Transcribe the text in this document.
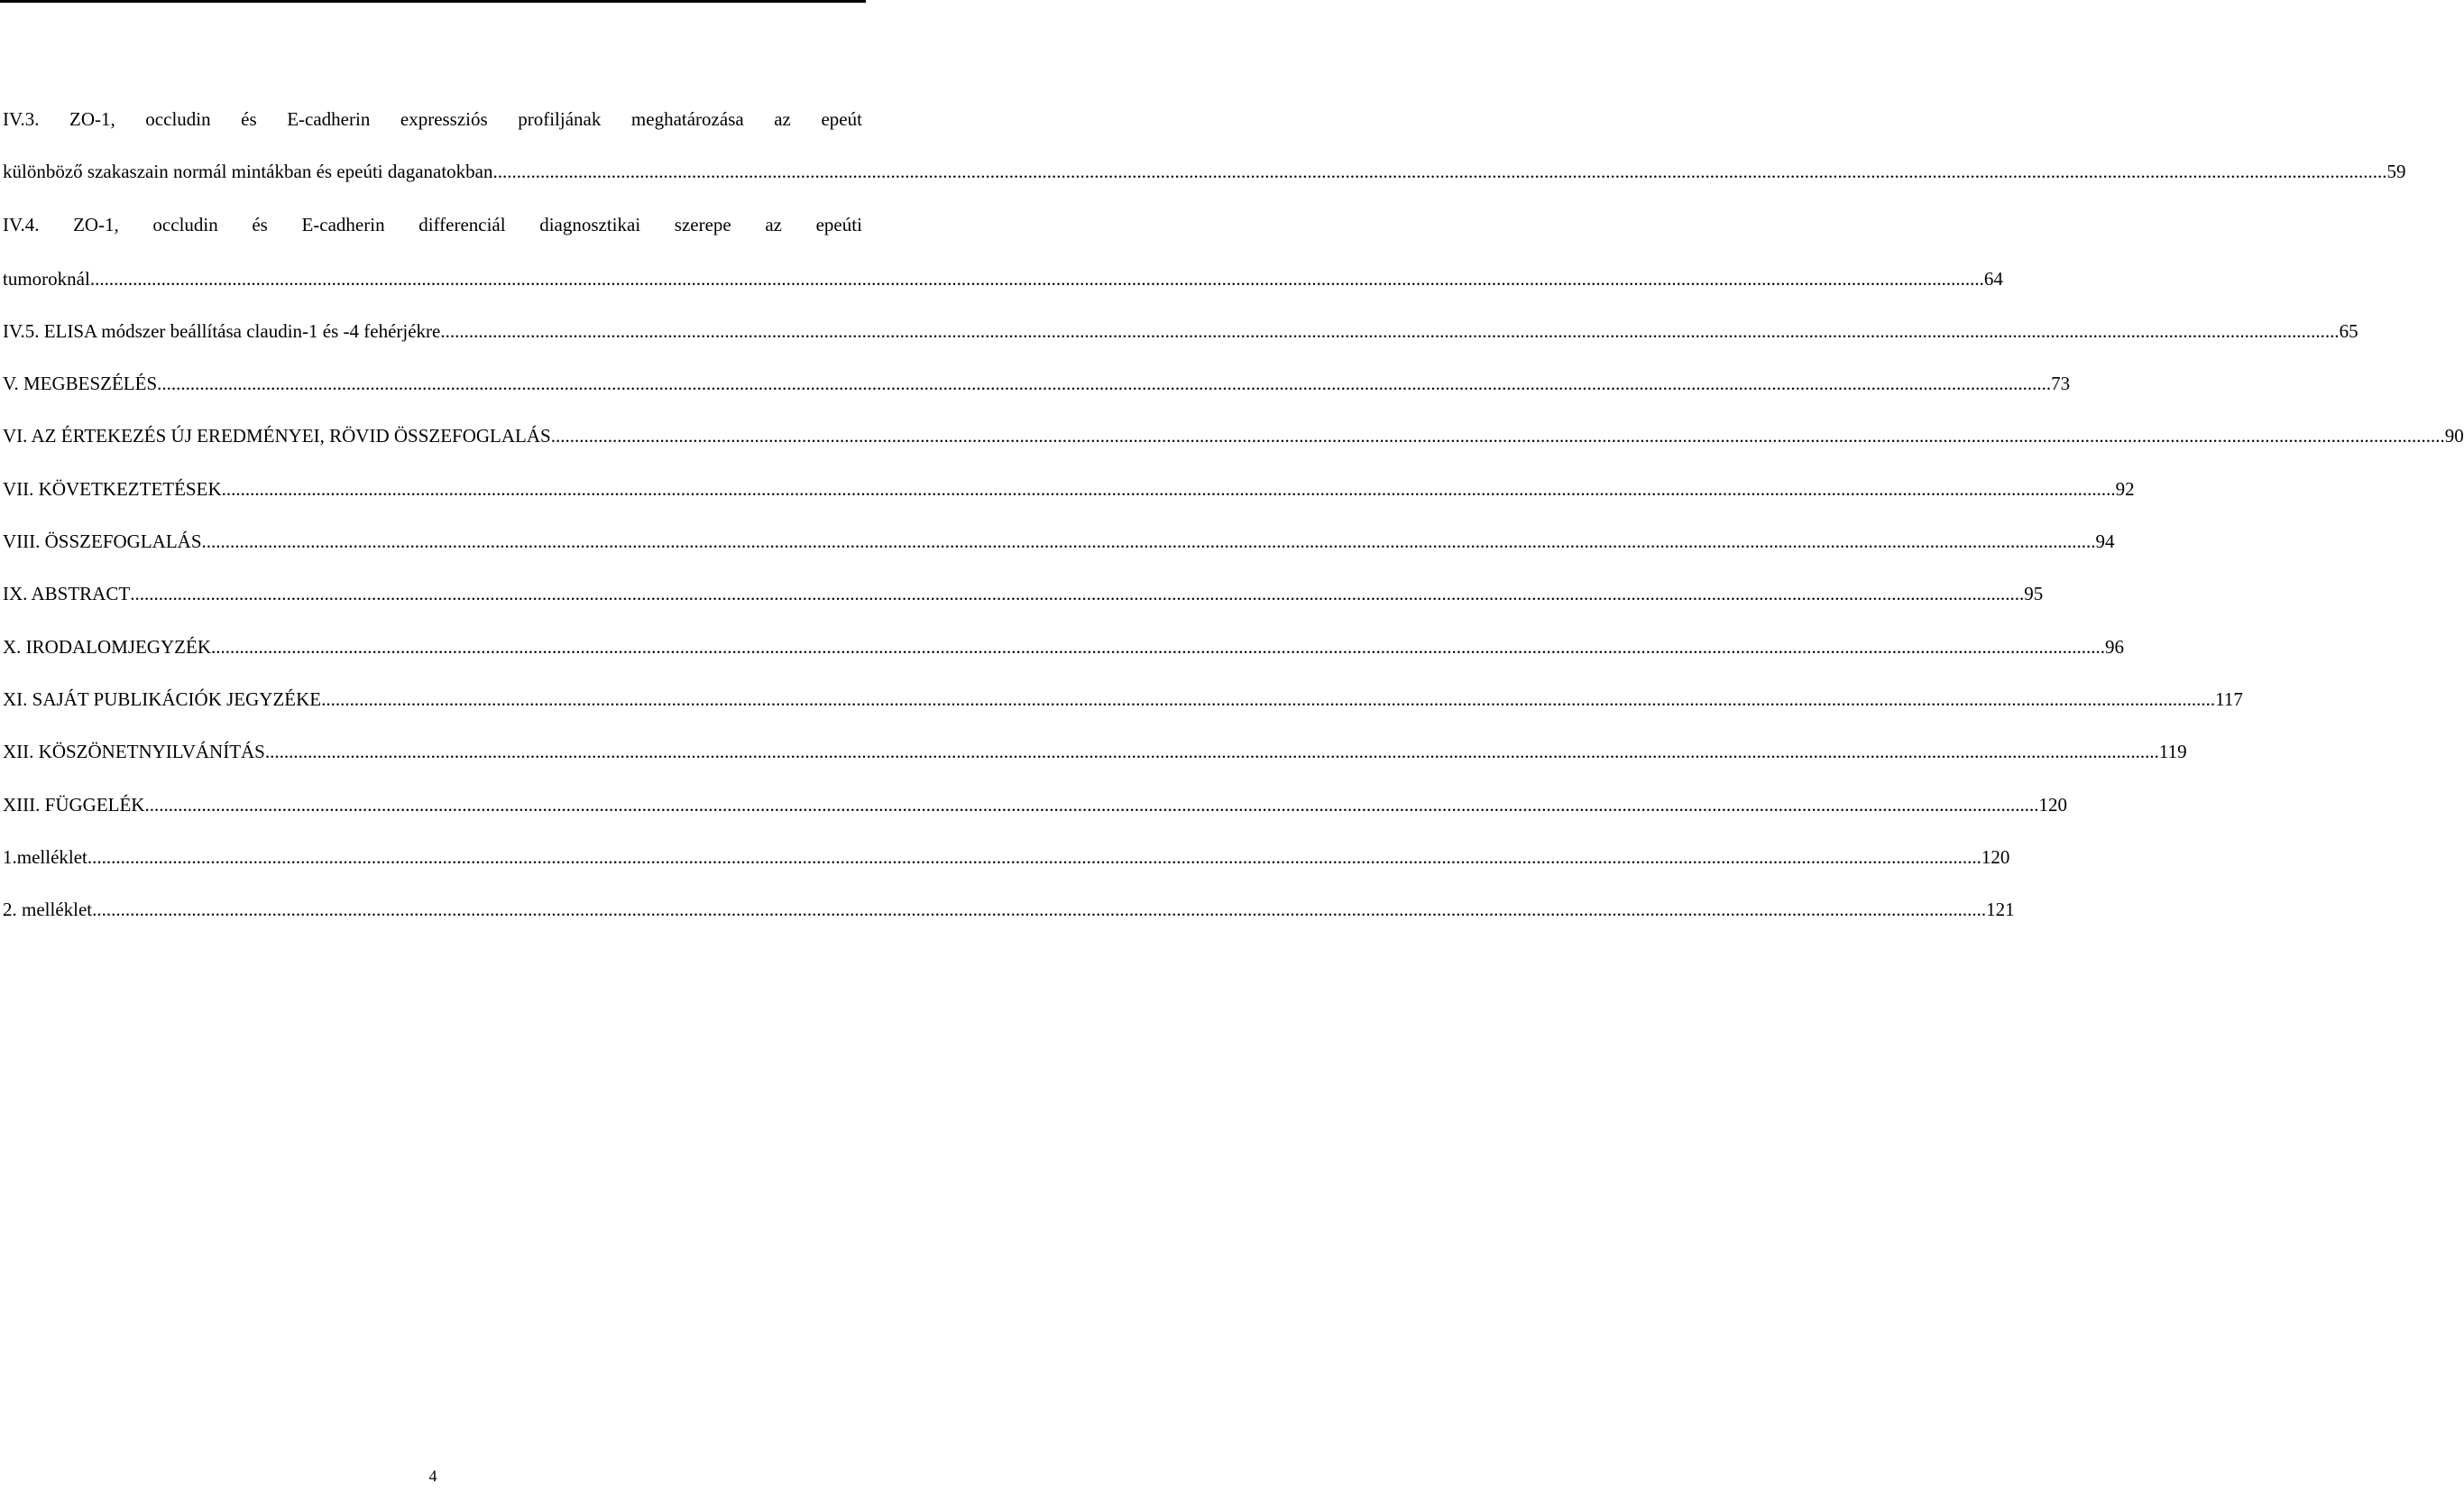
IV.3. ZO-1, occludin és E-cadherin expressziós profiljának meghatározása az epeút
különböző szakaszain normál mintákban és epeúti daganatokban ................................................................................................................................................................................................................................................................................................................................................................................................................ 59
IV.4. ZO-1, occludin és E-cadherin differenciál diagnosztikai szerepe az epeúti
tumoroknál ................................................................................................................................................................................................................................................................................................................................................................................................................ 64
IV.5. ELISA módszer beállítása claudin-1 és -4 fehérjékre. ................................................................................................................................................................................................................................................................................................................................................................................................................ 65
V. MEGBESZÉLÉS ................................................................................................................................................................................................................................................................................................................................................................................................................ 73
VI. AZ ÉRTEKEZÉS ÚJ EREDMÉNYEI, RÖVID ÖSSZEFOGLALÁS ................................................................................................................................................................................................................................................................................................................................................................................................................ 90
VII. KÖVETKEZTETÉSEK ................................................................................................................................................................................................................................................................................................................................................................................................................ 92
VIII. ÖSSZEFOGLALÁS ................................................................................................................................................................................................................................................................................................................................................................................................................ 94
IX. ABSTRACT ................................................................................................................................................................................................................................................................................................................................................................................................................ 95
X. IRODALOMJEGYZÉK ................................................................................................................................................................................................................................................................................................................................................................................................................ 96
XI. SAJÁT PUBLIKÁCIÓK JEGYZÉKE ................................................................................................................................................................................................................................................................................................................................................................................................................ 117
XII. KÖSZÖNETNYILVÁNÍTÁS ................................................................................................................................................................................................................................................................................................................................................................................................................ 119
XIII. FÜGGELÉK ................................................................................................................................................................................................................................................................................................................................................................................................................ 120
1.melléklet ................................................................................................................................................................................................................................................................................................................................................................................................................ 120
2. melléklet ................................................................................................................................................................................................................................................................................................................................................................................................................ 121
4
